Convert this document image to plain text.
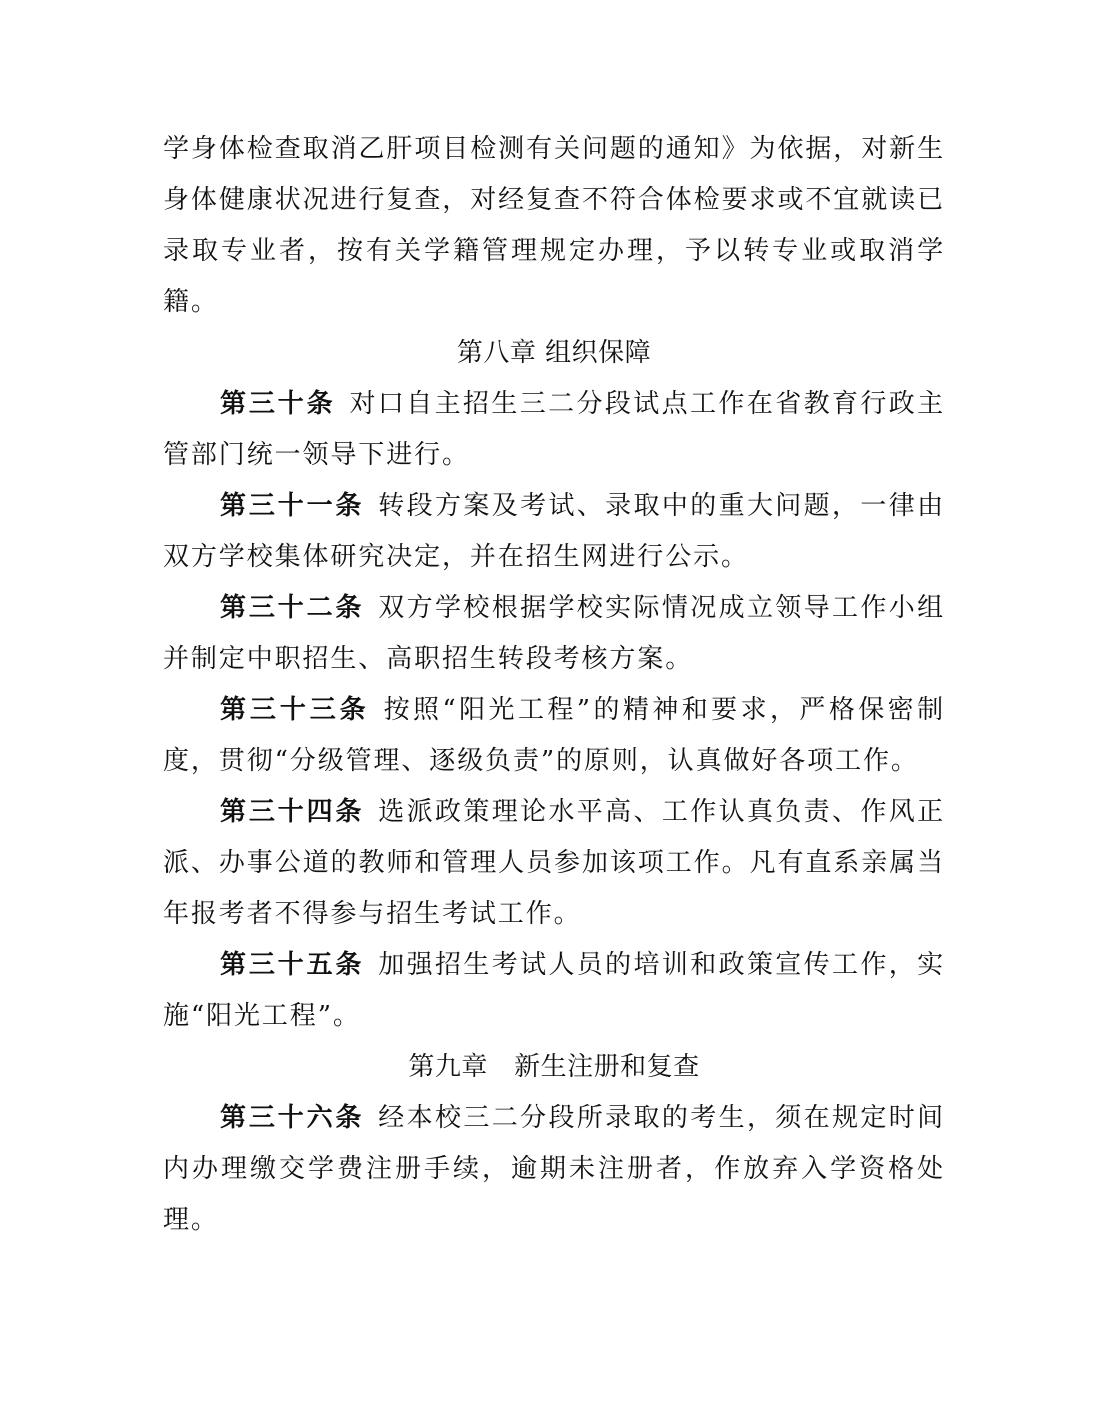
学身体检查取消乙肝项目检测有关问题的通知》为依据，对新生身体健康状况进行复查，对经复查不符合体检要求或不宜就读已录取专业者，按有关学籍管理规定办理，予以转专业或取消学籍。

第八章 组织保障

第三十条 对口自主招生三二分段试点工作在省教育行政主管部门统一领导下进行。

第三十一条 转段方案及考试、录取中的重大问题，一律由双方学校集体研究决定，并在招生网进行公示。

第三十二条 双方学校根据学校实际情况成立领导工作小组并制定中职招生、高职招生转段考核方案。

第三十三条 按照“阳光工程”的精神和要求，严格保密制度，贯彻“分级管理、逐级负责”的原则，认真做好各项工作。

第三十四条 选派政策理论水平高、工作认真负责、作风正派、办事公道的教师和管理人员参加该项工作。凡有直系亲属当年报考者不得参与招生考试工作。

第三十五条 加强招生考试人员的培训和政策宣传工作，实施“阳光工程”。

第九章   新生注册和复查

第三十六条 经本校三二分段所录取的考生，须在规定时间内办理缴交学费注册手续，逾期未注册者，作放弃入学资格处理。
